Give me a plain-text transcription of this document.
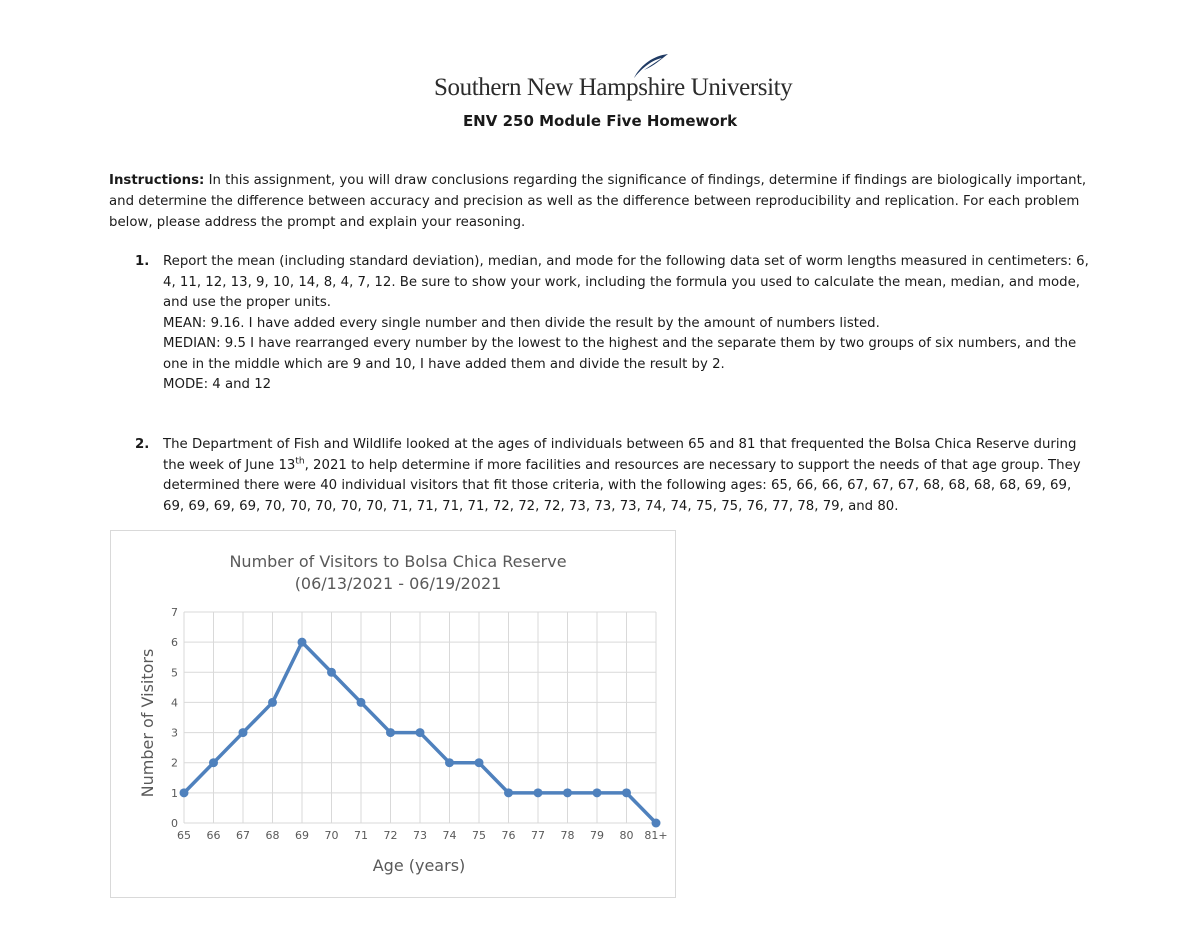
Southern New Hampshire University
ENV 250 Module Five Homework
Instructions: In this assignment, you will draw conclusions regarding the significance of findings, determine if findings are biologically important, and determine the difference between accuracy and precision as well as the difference between reproducibility and replication. For each problem below, please address the prompt and explain your reasoning.
1. Report the mean (including standard deviation), median, and mode for the following data set of worm lengths measured in centimeters: 6, 4, 11, 12, 13, 9, 10, 14, 8, 4, 7, 12. Be sure to show your work, including the formula you used to calculate the mean, median, and mode, and use the proper units.
MEAN: 9.16. I have added every single number and then divide the result by the amount of numbers listed.
MEDIAN: 9.5 I have rearranged every number by the lowest to the highest and the separate them by two groups of six numbers, and the one in the middle which are 9 and 10, I have added them and divide the result by 2.
MODE: 4 and 12
2. The Department of Fish and Wildlife looked at the ages of individuals between 65 and 81 that frequented the Bolsa Chica Reserve during the week of June 13th, 2021 to help determine if more facilities and resources are necessary to support the needs of that age group. They determined there were 40 individual visitors that fit those criteria, with the following ages: 65, 66, 66, 67, 67, 67, 68, 68, 68, 68, 69, 69, 69, 69, 69, 69, 70, 70, 70, 70, 70, 71, 71, 71, 71, 72, 72, 72, 73, 73, 73, 74, 74, 75, 75, 76, 77, 78, 79, and 80.
Number of Visitors to Bolsa Chica Reserve
(06/13/2021 - 06/19/2021
0
1
2
3
4
5
6
7
65 66 67 68 69 70 71 72 73 74 75 76 77 78 79 80 81+
Age (years)
Number of Visitors
